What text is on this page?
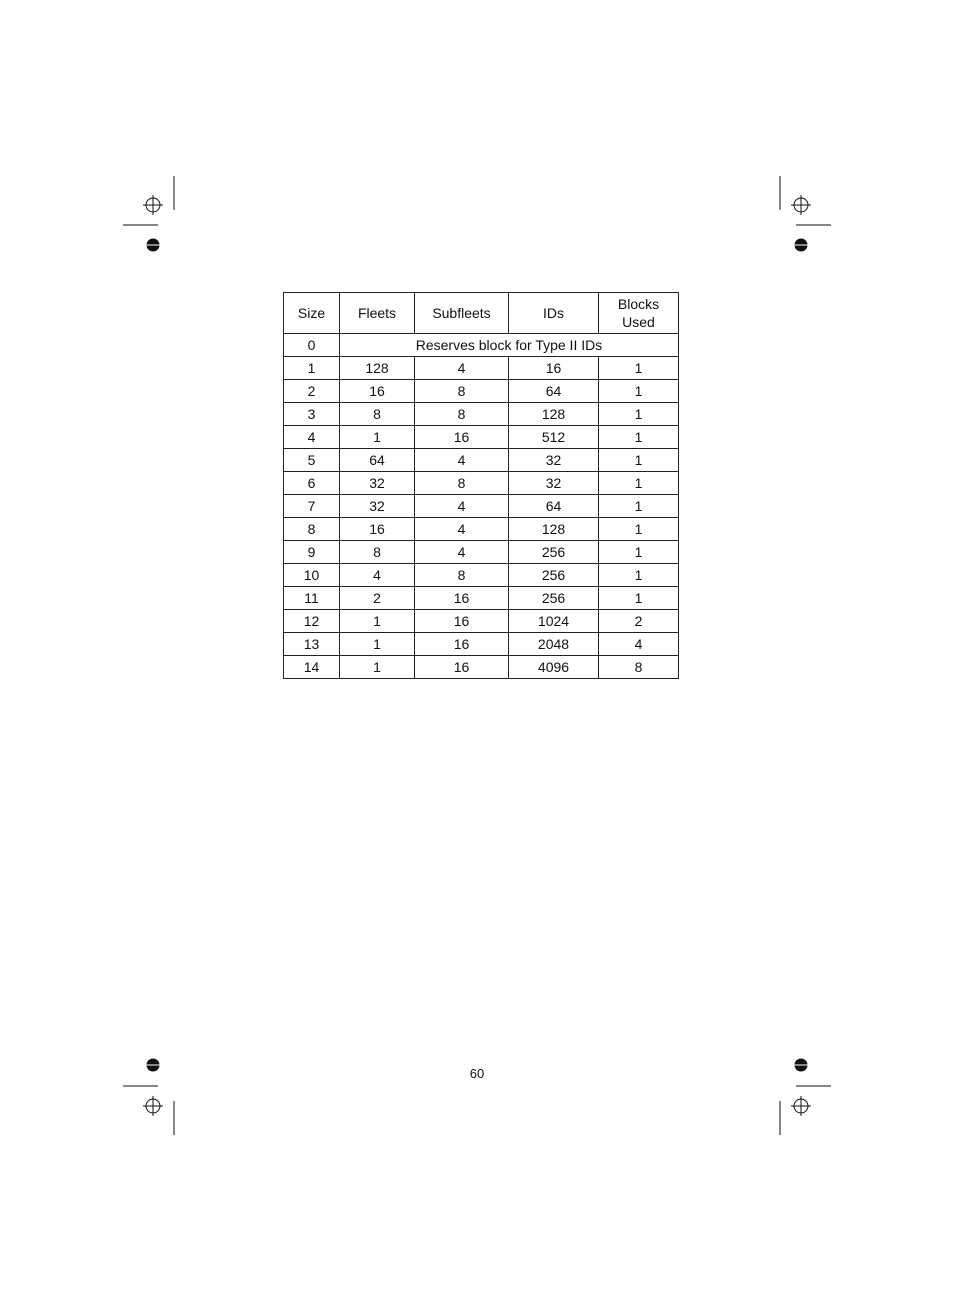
Size	Fleets	Subfleets	IDs	Blocks
Used

0	Reserves block for Type II IDs			
1	128	4	16	1
2	16	8	64	1
3	8	8	128	1
4	1	16	512	1
5	64	4	32	1
6	32	8	32	1
7	32	4	64	1
8	16	4	128	1
9	8	4	256	1
10	4	8	256	1
11	2	16	256	1
12	1	16	1024	2
13	1	16	2048	4
14	1	16	4096	8
60
